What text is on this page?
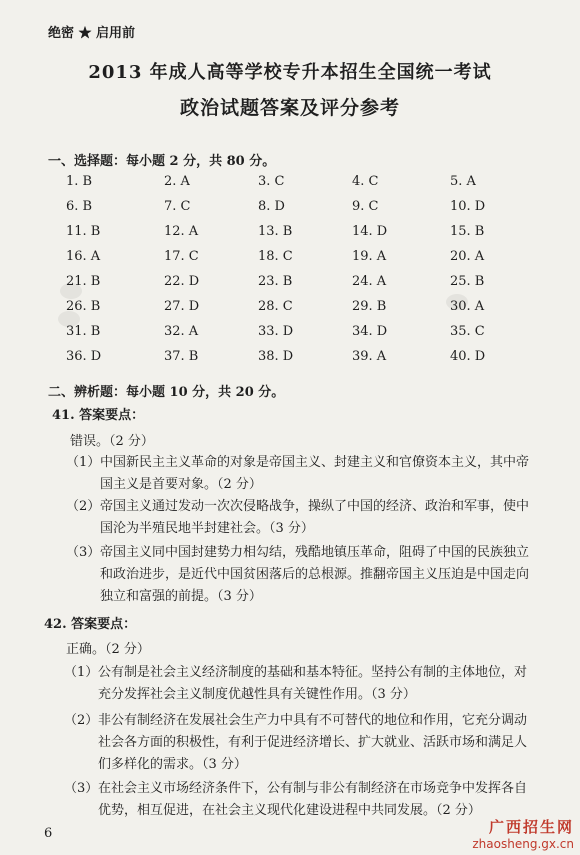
绝密 ★ 启用前
2013 年成人高等学校专升本招生全国统一考试
政治试题答案及评分参考
一、选择题：每小题 2 分，共 80 分。
1. B	2. A	3. C	4. C	5. A
6. B	7. C	8. D	9. C	10. D
11. B	12. A	13. B	14. D	15. B
16. A	17. C	18. C	19. A	20. A
21. B	22. D	23. B	24. A	25. B
26. B	27. D	28. C	29. B	30. A
31. B	32. A	33. D	34. D	35. C
36. D	37. B	38. D	39. A	40. D
二、辨析题：每小题 10 分，共 20 分。
41. 答案要点：
错误。（2 分）
（1） 中国新民主主义革命的对象是帝国主义、封建主义和官僚资本主义，其中帝
国主义是首要对象。（2 分）
（2） 帝国主义通过发动一次次侵略战争，操纵了中国的经济、政治和军事，使中
国沦为半殖民地半封建社会。（3 分）
（3） 帝国主义同中国封建势力相勾结，残酷地镇压革命，阻碍了中国的民族独立
和政治进步，是近代中国贫困落后的总根源。推翻帝国主义压迫是中国走向
独立和富强的前提。（3 分）
42. 答案要点：
正确。（2 分）
（1） 公有制是社会主义经济制度的基础和基本特征。坚持公有制的主体地位，对
充分发挥社会主义制度优越性具有关键性作用。（3 分）
（2） 非公有制经济在发展社会生产力中具有不可替代的地位和作用，它充分调动
社会各方面的积极性，有利于促进经济增长、扩大就业、活跃市场和满足人
们多样化的需求。（3 分）
（3） 在社会主义市场经济条件下，公有制与非公有制经济在市场竞争中发挥各自
优势，相互促进，在社会主义现代化建设进程中共同发展。（2 分）
6	广西招生网
zhaosheng.gx.cn
